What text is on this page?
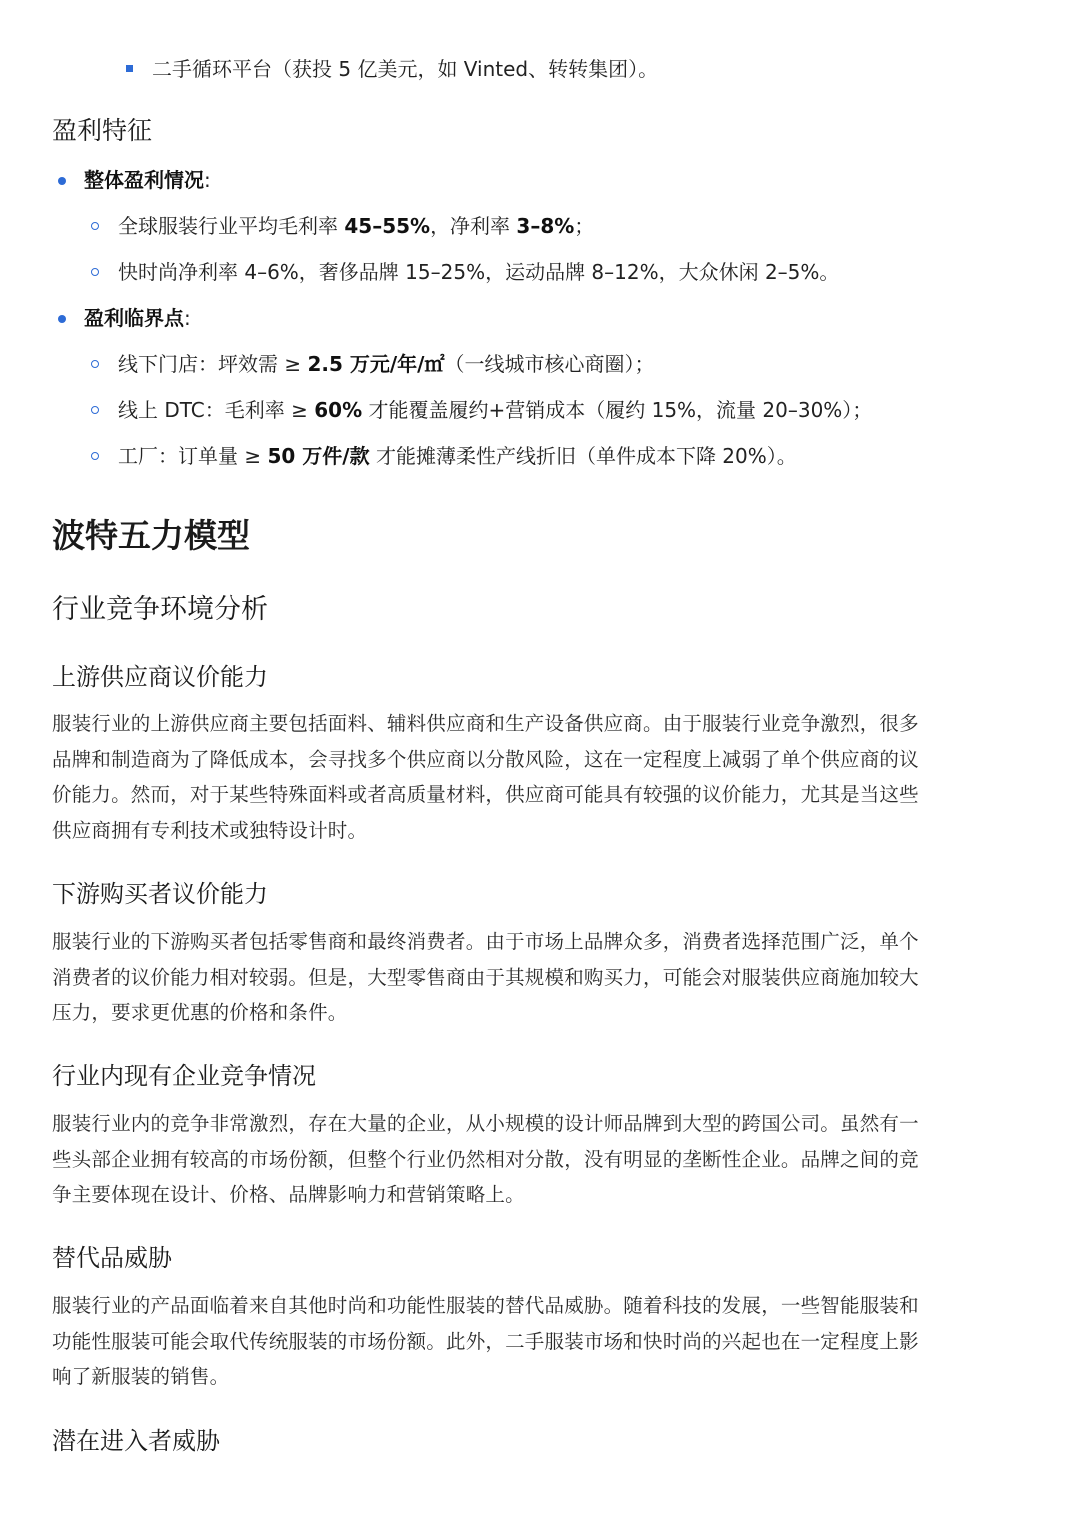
二手循环平台（获投 5 亿美元，如 Vinted、转转集团）。
盈利特征
整体盈利情况:
全球服装行业平均毛利率 45–55%，净利率 3–8%；
快时尚净利率 4–6%，奢侈品牌 15–25%，运动品牌 8–12%，大众休闲 2–5%。
盈利临界点:
线下门店：坪效需 ≥ 2.5 万元/年/㎡（一线城市核心商圈）；
线上 DTC：毛利率 ≥ 60% 才能覆盖履约+营销成本（履约 15%，流量 20–30%）；
工厂：订单量 ≥ 50 万件/款 才能摊薄柔性产线折旧（单件成本下降 20%）。
波特五力模型
行业竞争环境分析
上游供应商议价能力
服装行业的上游供应商主要包括面料、辅料供应商和生产设备供应商。由于服装行业竞争激烈，很多
品牌和制造商为了降低成本，会寻找多个供应商以分散风险，这在一定程度上减弱了单个供应商的议
价能力。然而，对于某些特殊面料或者高质量材料，供应商可能具有较强的议价能力，尤其是当这些
供应商拥有专利技术或独特设计时。
下游购买者议价能力
服装行业的下游购买者包括零售商和最终消费者。由于市场上品牌众多，消费者选择范围广泛，单个
消费者的议价能力相对较弱。但是，大型零售商由于其规模和购买力，可能会对服装供应商施加较大
压力，要求更优惠的价格和条件。
行业内现有企业竞争情况
服装行业内的竞争非常激烈，存在大量的企业，从小规模的设计师品牌到大型的跨国公司。虽然有一
些头部企业拥有较高的市场份额，但整个行业仍然相对分散，没有明显的垄断性企业。品牌之间的竞
争主要体现在设计、价格、品牌影响力和营销策略上。
替代品威胁
服装行业的产品面临着来自其他时尚和功能性服装的替代品威胁。随着科技的发展，一些智能服装和
功能性服装可能会取代传统服装的市场份额。此外，二手服装市场和快时尚的兴起也在一定程度上影
响了新服装的销售。
潜在进入者威胁
